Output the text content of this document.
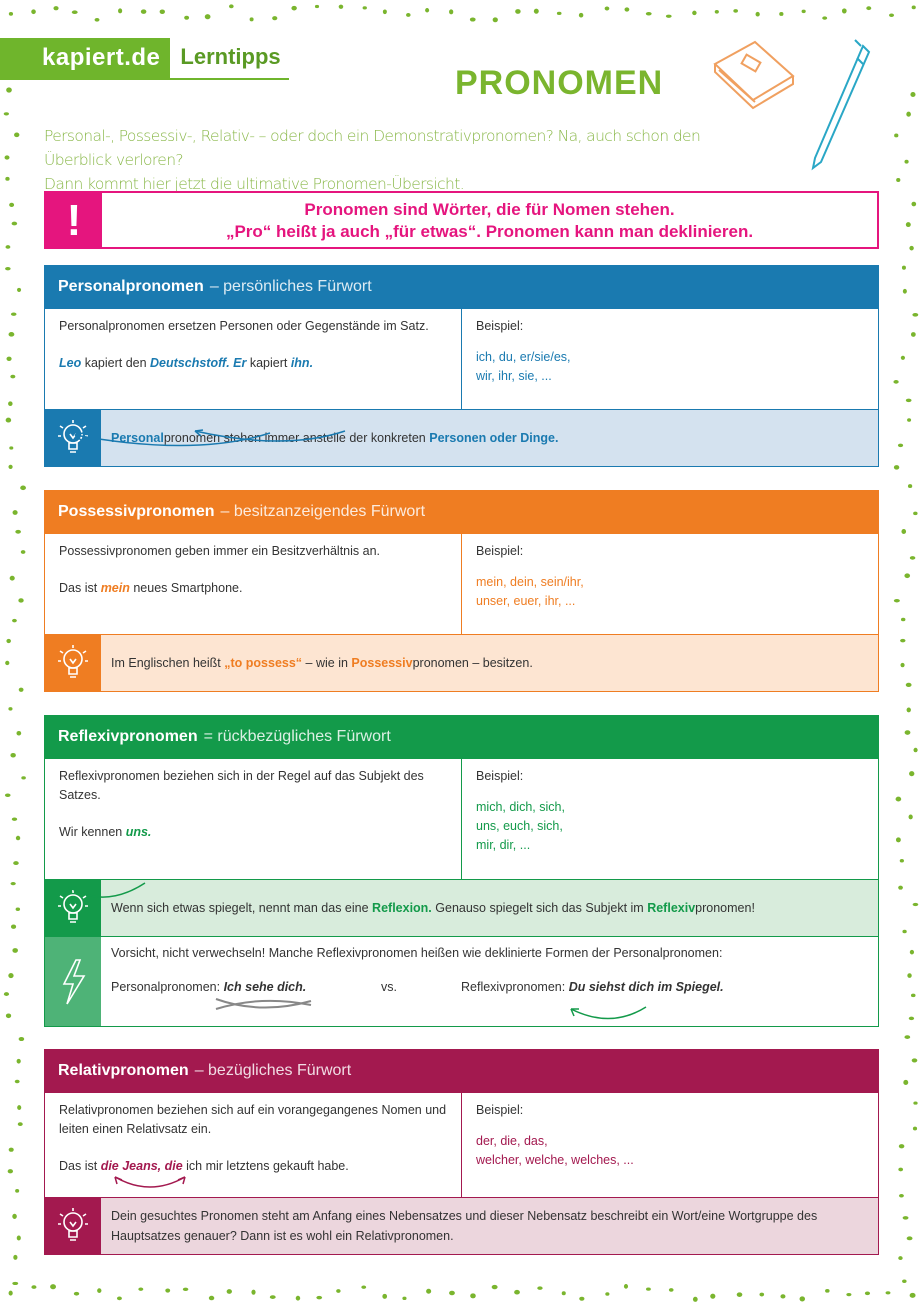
kapiert.de Lerntipps
PRONOMEN
Personal-, Possessiv-, Relativ- – oder doch ein Demonstrativpronomen? Na, auch schon den Überblick verloren?
Dann kommt hier jetzt die ultimative Pronomen-Übersicht.
!	Pronomen sind Wörter, die für Nomen stehen.
„Pro“ heißt ja auch „für etwas“. Pronomen kann man deklinieren.
Personalpronomen – persönliches Fürwort
Personalpronomen ersetzen Personen oder Gegenstände im Satz.
Leo kapiert den Deutschstoff. Er kapiert ihn.
Beispiel:
ich, du, er/sie/es,
wir, ihr, sie, ...
Personalpronomen stehen immer anstelle der konkreten Personen oder Dinge.
Possessivpronomen – besitzanzeigendes Fürwort
Possessivpronomen geben immer ein Besitzverhältnis an.
Das ist mein neues Smartphone.
Beispiel:
mein, dein, sein/ihr,
unser, euer, ihr, ...
Im Englischen heißt „to possess“ – wie in Possessivpronomen – besitzen.
Reflexivpronomen = rückbezügliches Fürwort
Reflexivpronomen beziehen sich in der Regel auf das Subjekt des Satzes.
Wir kennen uns.
Beispiel:
mich, dich, sich,
uns, euch, sich,
mir, dir, ...
Wenn sich etwas spiegelt, nennt man das eine Reflexion. Genauso spiegelt sich das Subjekt im Reflexivpronomen!
Vorsicht, nicht verwechseln! Manche Reflexivpronomen heißen wie deklinierte Formen der Personalpronomen:
Personalpronomen: Ich sehe dich.	vs.	Reflexivpronomen: Du siehst dich im Spiegel.
Relativpronomen – bezügliches Fürwort
Relativpronomen beziehen sich auf ein vorangegangenes Nomen und leiten einen Relativsatz ein.
Das ist die Jeans, die ich mir letztens gekauft habe.
Beispiel:
der, die, das,
welcher, welche, welches, ...
Dein gesuchtes Pronomen steht am Anfang eines Nebensatzes und dieser Nebensatz beschreibt ein Wort/eine Wortgruppe des Hauptsatzes genauer? Dann ist es wohl ein Relativpronomen.
